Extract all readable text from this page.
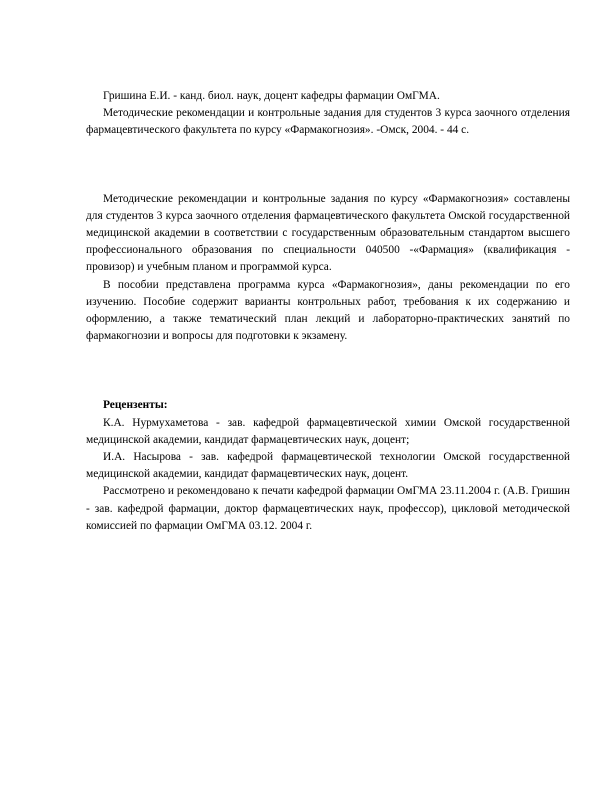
Гришина Е.И. - канд. биол. наук, доцент кафедры фармации ОмГМА.

Методические рекомендации и контрольные задания для студентов 3 курса заочного отделения фармацевтического факультета по курсу «Фармакогнозия». -Омск, 2004. - 44 с.

Методические рекомендации и контрольные задания по курсу «Фармакогнозия» составлены для студентов 3 курса заочного отделения фармацевтического факультета Омской государственной медицинской академии в соответствии с государственным образовательным стандартом высшего профессионального образования по специальности 040500 -«Фармация» (квалификация - провизор) и учебным планом и программой курса.

В пособии представлена программа курса «Фармакогнозия», даны рекомендации по его изучению. Пособие содержит варианты контрольных работ, требования к их содержанию и оформлению, а также тематический план лекций и лабораторно-практических занятий по фармакогнозии и вопросы для подготовки к экзамену.

Рецензенты:

К.А. Нурмухаметова - зав. кафедрой фармацевтической химии Омской государственной медицинской академии, кандидат фармацевтических наук, доцент;

И.А. Насырова - зав. кафедрой фармацевтической технологии Омской государственной медицинской академии, кандидат фармацевтических наук, доцент.

Рассмотрено и рекомендовано к печати кафедрой фармации ОмГМА 23.11.2004 г. (А.В. Гришин - зав. кафедрой фармации, доктор фармацевтических наук, профессор), цикловой методической комиссией по фармации ОмГМА 03.12. 2004 г.
